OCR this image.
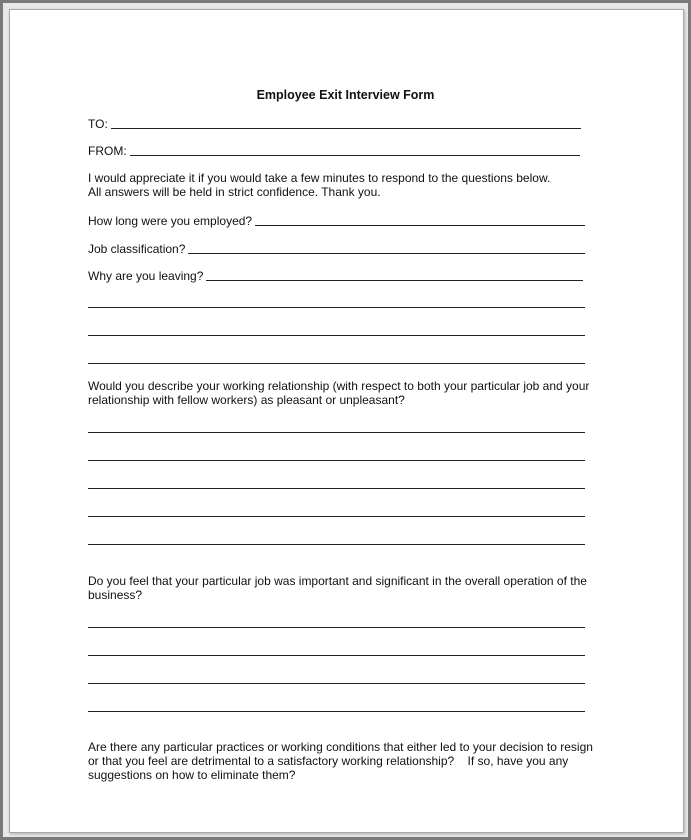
Employee Exit Interview Form
TO:
FROM:
I would appreciate it if you would take a few minutes to respond to the questions below.
All answers will be held in strict confidence. Thank you.
How long were you employed?
Job classification?
Why are you leaving?
Would you describe your working relationship (with respect to both your particular job and your
relationship with fellow workers) as pleasant or unpleasant?
Do you feel that your particular job was important and significant in the overall operation of the
business?
Are there any particular practices or working conditions that either led to your decision to resign
or that you feel are detrimental to a satisfactory working relationship?    If so, have you any
suggestions on how to eliminate them?
